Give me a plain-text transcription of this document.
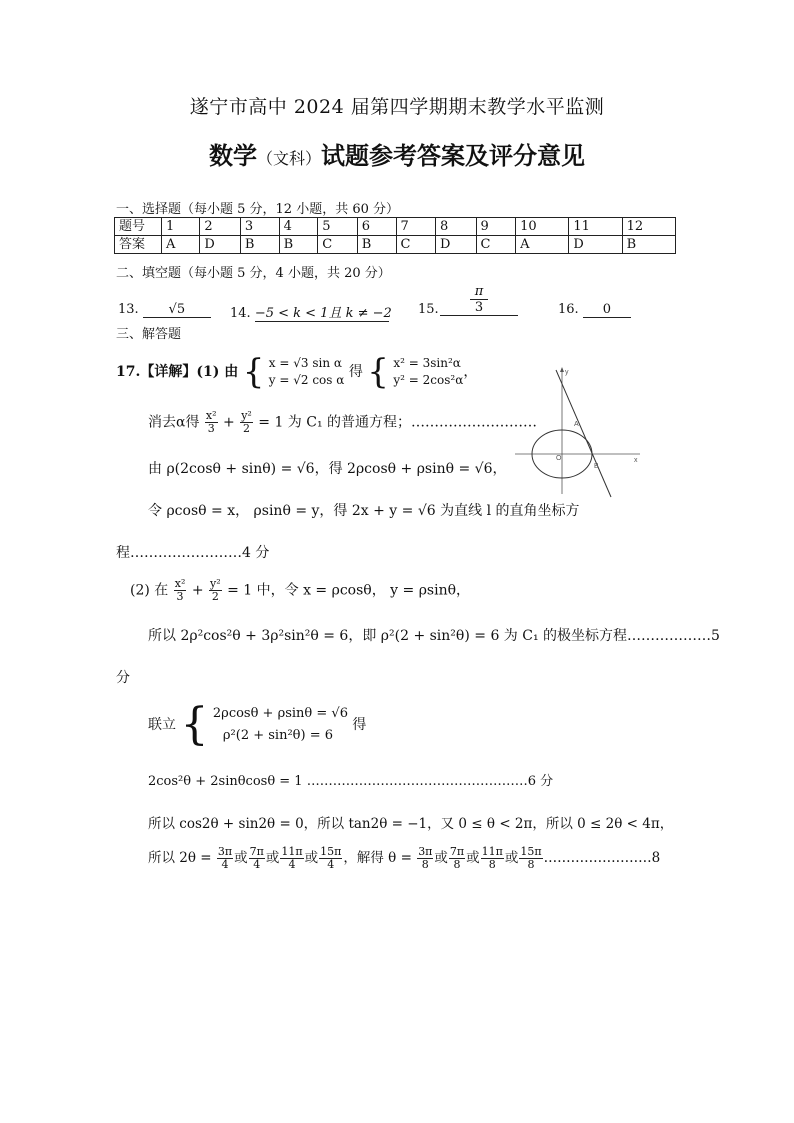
遂宁市高中 2024 届第四学期期末教学水平监测
数学（文科）试题参考答案及评分意见
一、选择题（每小题 5 分，12 小题，共 60 分）
题号	1	2	3	4	5	6	7	8	9	10	11	12
答案	A	D	B	B	C	B	C	D	C	A	D	B
二、填空题（每小题 5 分，4 小题，共 20 分）
13. √5	14. −5 < k < 1且 k ≠ −2 15.
π
3	16. 0
三、解答题
17.【详解】(1) 由 { x = √3 sin α
y = √2 cos α 得 { x² = 3sin²α
y² = 2cos²α ，
消去α得 $\frac{\text{x²}}{3} + \frac{\text{y²}}{2} = 1$ 为 C₁ 的普通方程；………………………
由 ρ(2cosθ + sinθ) = √6，得 2ρcosθ + ρsinθ = √6，
令 ρcosθ = x， ρsinθ = y，得 2x + y = √6 为直线 l 的直角坐标方
程……………………4 分
(2) 在 $\frac{\text{x²}}{3} + \frac{\text{y²}}{2} = 1$ 中，令 x = ρcosθ， y = ρsinθ，
所以 2ρ²cos²θ + 3ρ²sin²θ = 6，即 ρ²(2 + sin²θ) = 6 为 C₁ 的极坐标方程………………5
分
联立 { 2ρcosθ + ρsinθ = √6
ρ²(2 + sin²θ) = 6
得
2cos²θ + 2sinθcosθ = 1 ……………………………………………6 分
所以 cos2θ + sin2θ = 0，所以 tan2θ = −1，又 0 ≤ θ < 2π，所以 0 ≤ 2θ < 4π，
所以 $2\theta = \frac{3\pi}{4}$ 或 $\frac{7\pi}{4}$ 或 $\frac{11\pi}{4}$ 或 $\frac{15\pi}{4}$ ，解得 $\theta = \frac{3\pi}{8}$ 或 $\frac{7\pi}{8}$ 或 $\frac{11\pi}{8}$ 或 $\frac{15\pi}{8}$ ……………………8
y
x
O
A
B
